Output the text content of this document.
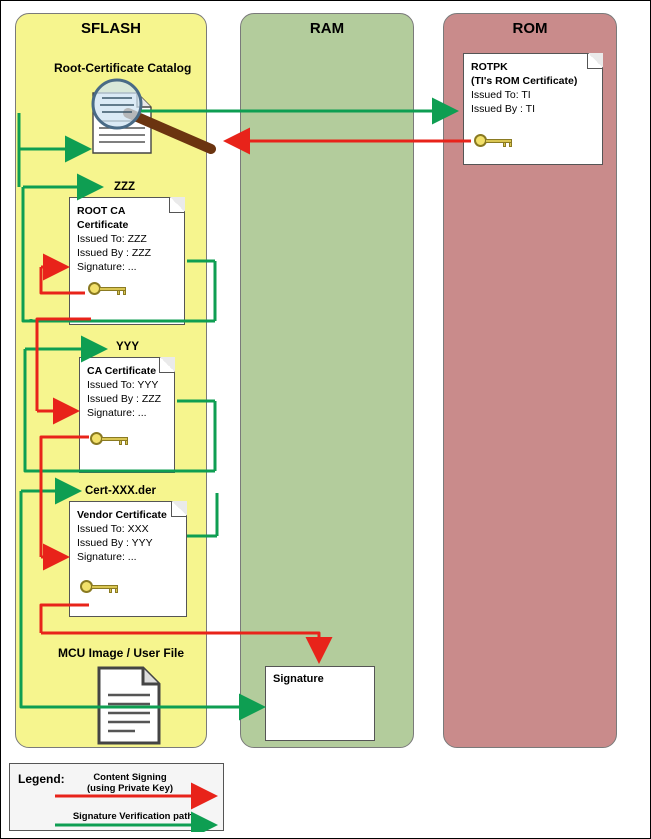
SFLASH	RAM	ROM
ROTPK
(TI's ROM Certificate)
Issued To: TI
Issued By : TI
Root-Certificate Catalog
ZZZ
ROOT CA
Certificate
Issued To: ZZZ
Issued By : ZZZ
Signature: ...
YYY
CA Certificate
Issued To: YYY
Issued By : ZZZ
Signature: ...
Cert-XXX.der
Vendor Certificate
Issued To: XXX
Issued By : YYY
Signature: ...
MCU Image / User File
Signature
Legend:	Content Signing
(using Private Key)
Signature Verification path
